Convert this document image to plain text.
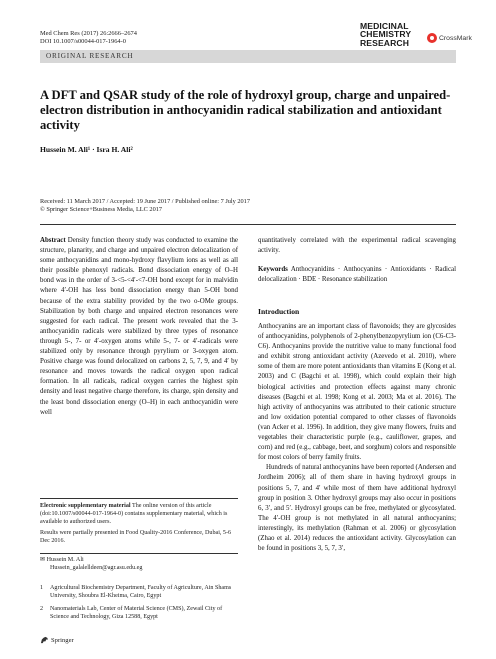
Med Chem Res (2017) 26:2666–2674
DOI 10.1007/s00044-017-1964-0
MEDICINAL
CHEMISTRY
RESEARCH	CrossMark
ORIGINAL RESEARCH
A DFT and QSAR study of the role of hydroxyl group, charge and unpaired-electron distribution in anthocyanidin radical stabilization and antioxidant activity
Hussein M. Ali¹ · Isra H. Ali²
Received: 11 March 2017 / Accepted: 19 June 2017 / Published online: 7 July 2017
© Springer Science+Business Media, LLC 2017

Abstract Density function theory study was conducted to examine the structure, planarity, and charge and unpaired electron delocalization of some anthocyanidins and mono-hydroxy flavylium ions as well as all their possible phenoxyl radicals. Bond dissociation energy of O–H bond was in the order of 3‑<5‑<4′‑<7‑OH bond except for in malvidin where 4′‑OH has less bond dissociation energy than 5-OH bond because of the extra stability provided by the two o-OMe groups. Stabilization by both charge and unpaired electron resonances were suggested for each radical. The present work revealed that the 3-anthocyanidin radicals were stabilized by three types of resonance through 5-, 7- or 4′-oxygen atoms while 5-, 7- or 4′-radicals were stabilized only by resonance through pyrylium or 3-oxygen atom. Positive charge was found delocalized on carbons 2, 5, 7, 9, and 4′ by resonance and moves towards the radical oxygen upon radical formation. In all radicals, radical oxygen carries the highest spin density and least negative charge therefore, its charge, spin density and the least bond dissociation energy (O–H) in each anthocyanidin were well

Electronic supplementary material The online version of this article (doi:10.1007/s00044-017-1964-0) contains supplementary material, which is available to authorized users.
Results were partially presented in Food Quality-2016 Conference, Dubai, 5-6 Dec 2016.
✉ Hussein M. Ali
Hussein_galalelldeen@agr.asu.edu.eg
1 Agricultural Biochemistry Department, Faculty of Agriculture, Ain Shams University, Shoubra El-Kheima, Cairo, Egypt
2 Nanomaterials Lab, Center of Material Science (CMS), Zewail City of Science and Technology, Giza 12588, Egypt
Springer
quantitatively correlated with the experimental radical scavenging activity.
Keywords Anthocyanidins · Anthocyanins · Antioxidants · Radical delocalization · BDE · Resonance stabilization
Introduction

Anthocyanins are an important class of flavonoids; they are glycosides of anthocyanidins, polyphenols of 2-phenylbenzopyrylium ion (C6-C3-C6). Anthocyanins provide the nutritive value to many functional food and exhibit strong antioxidant activity (Azevedo et al. 2010), where some of them are more potent antioxidants than vitamins E (Kong et al. 2003) and C (Bagchi et al. 1998), which could explain their high biological activities and protection effects against many chronic diseases (Bagchi et al. 1998; Kong et al. 2003; Ma et al. 2016). The high activity of anthocyanins was attributed to their cationic structure and low oxidation potential compared to other classes of flavonoids (van Acker et al. 1996). In addition, they give many flowers, fruits and vegetables their characteristic purple (e.g., cauliflower, grapes, and corn) and red (e.g., cabbage, beet, and sorghum) colors and responsible for most colors of berry family fruits.

Hundreds of natural anthocyanins have been reported (Andersen and Jordheim 2006); all of them share in having hydroxyl groups in positions 5, 7, and 4′ while most of them have additional hydroxyl group in position 3. Other hydroxyl groups may also occur in positions 6, 3′, and 5′. Hydroxyl groups can be free, methylated or glycosylated. The 4′-OH group is not methylated in all natural anthocyanins; interestingly, its methylation (Rahman et al. 2006) or glycosylation (Zhao et al. 2014) reduces the antioxidant activity. Glycosylation can be found in positions 3, 5, 7, 3′,
